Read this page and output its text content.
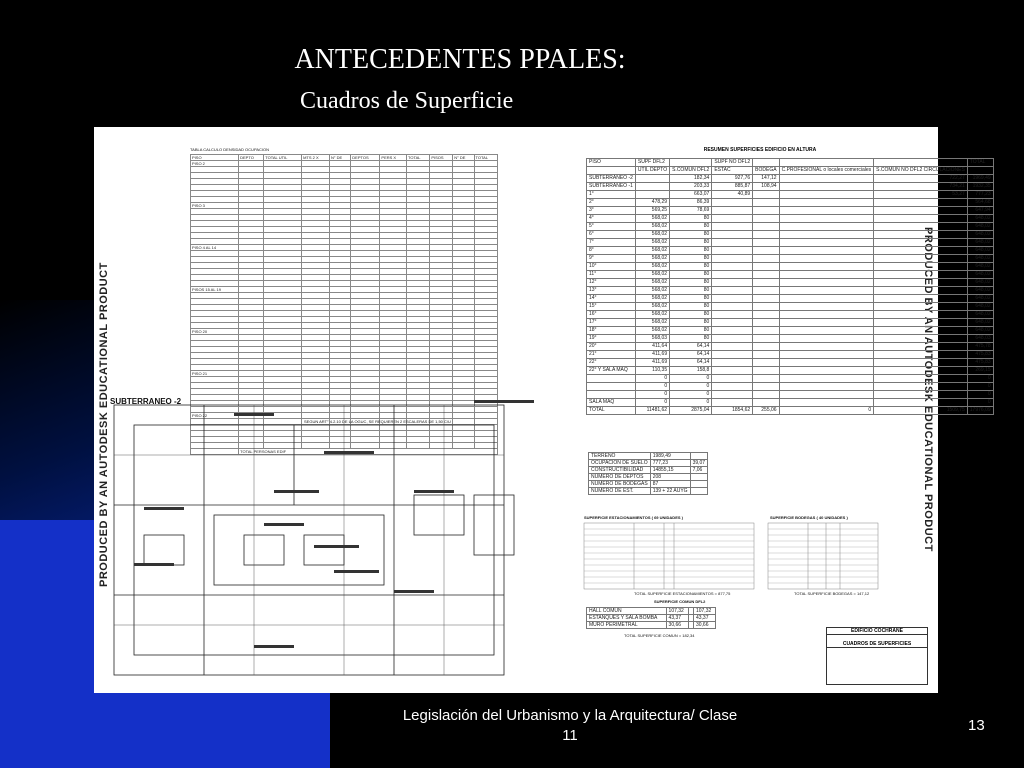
ANTECEDENTES PPALES:
Cuadros de Superficie
TABLA CALCULO DENSIDAD OCUPACION
PISO	DEPTO	TOTAL UTIL	MTS 2 X	N° DE	DEPTOS	PERS X	TOTAL	PISOS	N° DE	TOTAL
PISO 2										

PISO 3										

PISO 4 AL 14										

PISOS 15 AL 19										

PISO 20										

PISO 21										

PISO 22										

	TOTAL PERSONAS EDIF									
SEGUN ART° 4.2.10 DE LA OGUC, SE REQUIEREN 2 ESCALERAS DE 1,50 C/U
PRODUCED BY AN AUTODESK EDUCATIONAL PRODUCT	PRODUCED BY AN AUTODESK EDUCATIONAL PRODUCT
SUBTERRANEO -2
RESUMEN SUPERFICIES EDIFICIO EN ALTURA
PISO	SUPF DFL2		SUPF NO DFL2				TOTAL
	UTIL DEPTO	S.COMUN DFL2	ESTAC	BODEGA	C.PROFESIONAL o locales comerciales	S.COMUN NO DFL2 CIRCULACIONES	
SUBTERRANEO -2		182,34	927,76	147,12		722,27	1969,49
SUBTERRANEO -1		203,33	885,87	108,94		734,21	1932,35
1°		663,07	40,89			53,27	777,23
2°	478,29	86,39					564,68
3°	569,25	78,69					647,94
4°	568,02	80					648,02
5°	568,02	80					648,02
6°	568,02	80					648,02
7°	568,02	80					648,02
8°	568,02	80					648,02
9°	568,02	80					648,02
10°	568,02	80					648,02
11°	568,02	80					648,02
12°	568,02	80					648,02
13°	568,02	80					648,02
14°	568,02	80					648,02
15°	568,02	80					648,02
16°	568,02	80					648,02
17°	568,02	80					648,02
18°	568,02	80					648,02
19°	568,03	80					648,03
20°	411,64	64,14					475,78
21°	411,69	64,14					475,83
22°	411,69	64,14					475,83
22° Y SALA MAQ	110,35	158,8					269,15
	0	0					0
	0	0					0
	0	0					0
SALA MAQ	0	0					0
TOTAL	11481,62	2875,04	1854,62	255,06	0	1509,75	17976,09
TERRENO	1989,49	
OCUPACION DE SUELO	777,23	39,07
CONSTRUCTIBILIDAD	14855,15	7,06
NUMERO DE DEPTOS	208	
NUMERO DE BODEGAS	87	
NUMERO DE EST.	139 + 22 AUYG	
SUPERFICIE ESTACIONAMIENTOS ( 69 UNIDADES )
TOTAL SUPERFICIE ESTACIONAMIENTOS = 877,75
SUPERFICIE BODEGAS ( 40 UNIDADES )
TOTAL SUPERFICIE BODEGAS = 147,12
SUPERFICIE COMUN DFL2
HALL COMUN	107,32		107,32
ESTANQUES Y SALA BOMBA	43,37		43,37
MURO PERIMETRAL	30,66		30,66
TOTAL SUPERFICIE COMUN = 182,34
EDIFICIO COCHRANE
CUADROS DE SUPERFICIES
Legislación del Urbanismo y la Arquitectura/ Clase 11
13
